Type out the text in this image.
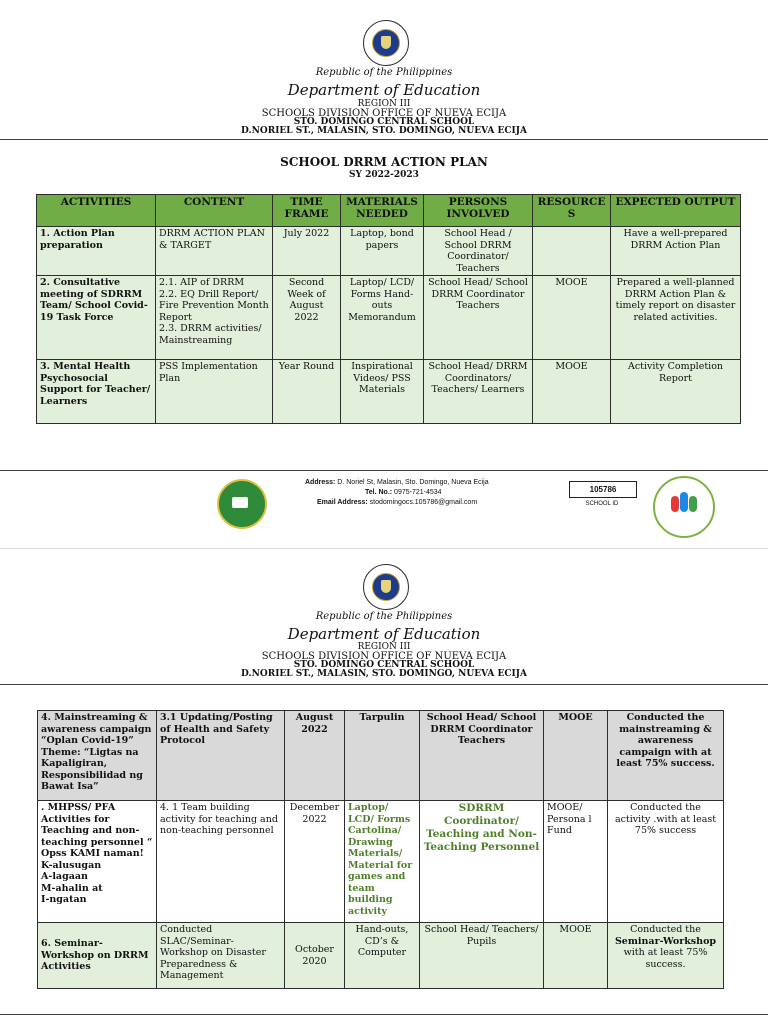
Republic of the Philippines
Department of Education
REGION III
SCHOOLS DIVISION OFFICE OF NUEVA ECIJA
STO. DOMINGO CENTRAL SCHOOL
D.NORIEL ST., MALASIN, STO. DOMINGO, NUEVA ECIJA
SCHOOL DRRM ACTION PLAN
SY 2022-2023
ACTIVITIES	CONTENT	TIME FRAME	MATERIALS NEEDED	PERSONS INVOLVED	RESOURCE S	EXPECTED OUTPUT
1. Action Plan preparation	DRRM ACTION PLAN & TARGET	July 2022	Laptop, bond papers	School Head / School DRRM Coordinator/ Teachers		Have a well-prepared DRRM Action Plan
2. Consultative meeting of SDRRM Team/ School Covid-19 Task Force	2.1. AIP of DRRM
2.2. EQ Drill Report/ Fire Prevention Month Report
2.3. DRRM activities/ Mainstreaming	Second Week of August 2022	Laptop/ LCD/ Forms Hand-outs Memorandum	School Head/ School DRRM Coordinator Teachers	MOOE	Prepared a well-planned DRRM Action Plan & timely report on disaster related activities.
3. Mental Health Psychosocial Support for Teacher/ Learners	PSS Implementation Plan	Year Round	Inspirational Videos/ PSS Materials	School Head/ DRRM Coordinators/ Teachers/ Learners	MOOE	Activity Completion Report
Address: D. Noriel St, Malasin, Sto. Domingo, Nueva Ecija
Tel. No.: 0975-721-4534
Email Address: stodomingocs.105786@gmail.com
105786
SCHOOL ID
Republic of the Philippines
Department of Education
REGION III
SCHOOLS DIVISION OFFICE OF NUEVA ECIJA
STO. DOMINGO CENTRAL SCHOOL
D.NORIEL ST., MALASIN, STO. DOMINGO, NUEVA ECIJA
4. Mainstreaming & awareness campaign “Oplan Covid-19” Theme: “Ligtas na Kapaligiran, Responsibilidad ng Bawat Isa”	3.1 Updating/Posting of Health and Safety Protocol	August 2022	Tarpulin	School Head/ School DRRM Coordinator Teachers	MOOE	Conducted the mainstreaming & awareness campaign with at least 75% success.
. MHPSS/ PFA Activities for Teaching and non-teaching personnel “ Opss KAMI naman!
K-alusugan
A-lagaan
M-ahalin at
I-ngatan	4. 1 Team building activity for teaching and non-teaching personnel	December 2022	Laptop/ LCD/ Forms Cartolina/ Drawing Materials/ Material for games and team building activity	SDRRM Coordinator/ Teaching and Non-Teaching Personnel	MOOE/ Persona l Fund	Conducted the activity .with at least 75% success
6. Seminar-Workshop on DRRM Activities	Conducted SLAC/Seminar-Workshop on Disaster Preparedness & Management	October 2020	Hand-outs, CD’s & Computer	School Head/ Teachers/ Pupils	MOOE	Conducted the
Seminar-Workshop with at least 75% success.
